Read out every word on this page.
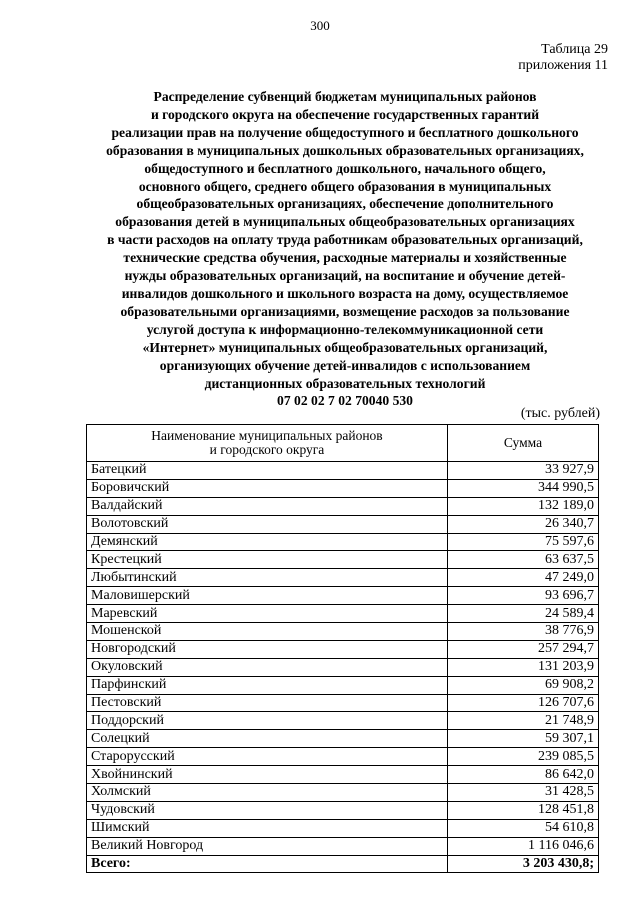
300
Таблица 29
приложения 11
Распределение субвенций бюджетам муниципальных районов
и городского округа на обеспечение государственных гарантий
реализации прав на получение общедоступного и бесплатного дошкольного
образования в муниципальных дошкольных образовательных организациях,
общедоступного и бесплатного дошкольного, начального общего,
основного общего, среднего общего образования в муниципальных
общеобразовательных организациях, обеспечение дополнительного
образования детей в муниципальных общеобразовательных организациях
в части расходов на оплату труда работникам образовательных организаций,
технические средства обучения, расходные материалы и хозяйственные
нужды образовательных организаций, на воспитание и обучение детей-
инвалидов дошкольного и школьного возраста на дому, осуществляемое
образовательными организациями, возмещение расходов за пользование
услугой доступа к информационно-телекоммуникационной сети
«Интернет» муниципальных общеобразовательных организаций,
организующих обучение детей-инвалидов с использованием
дистанционных образовательных технологий
07 02 02 7 02 70040 530
(тыс. рублей)
Наименование муниципальных районов
и городского округа	Сумма
Батецкий	33 927,9
Боровичский	344 990,5
Валдайский	132 189,0
Волотовский	26 340,7
Демянский	75 597,6
Крестецкий	63 637,5
Любытинский	47 249,0
Маловишерский	93 696,7
Маревский	24 589,4
Мошенской	38 776,9
Новгородский	257 294,7
Окуловский	131 203,9
Парфинский	69 908,2
Пестовский	126 707,6
Поддорский	21 748,9
Солецкий	59 307,1
Старорусский	239 085,5
Хвойнинский	86 642,0
Холмский	31 428,5
Чудовский	128 451,8
Шимский	54 610,8
Великий Новгород	1 116 046,6
Всего:	3 203 430,8;
